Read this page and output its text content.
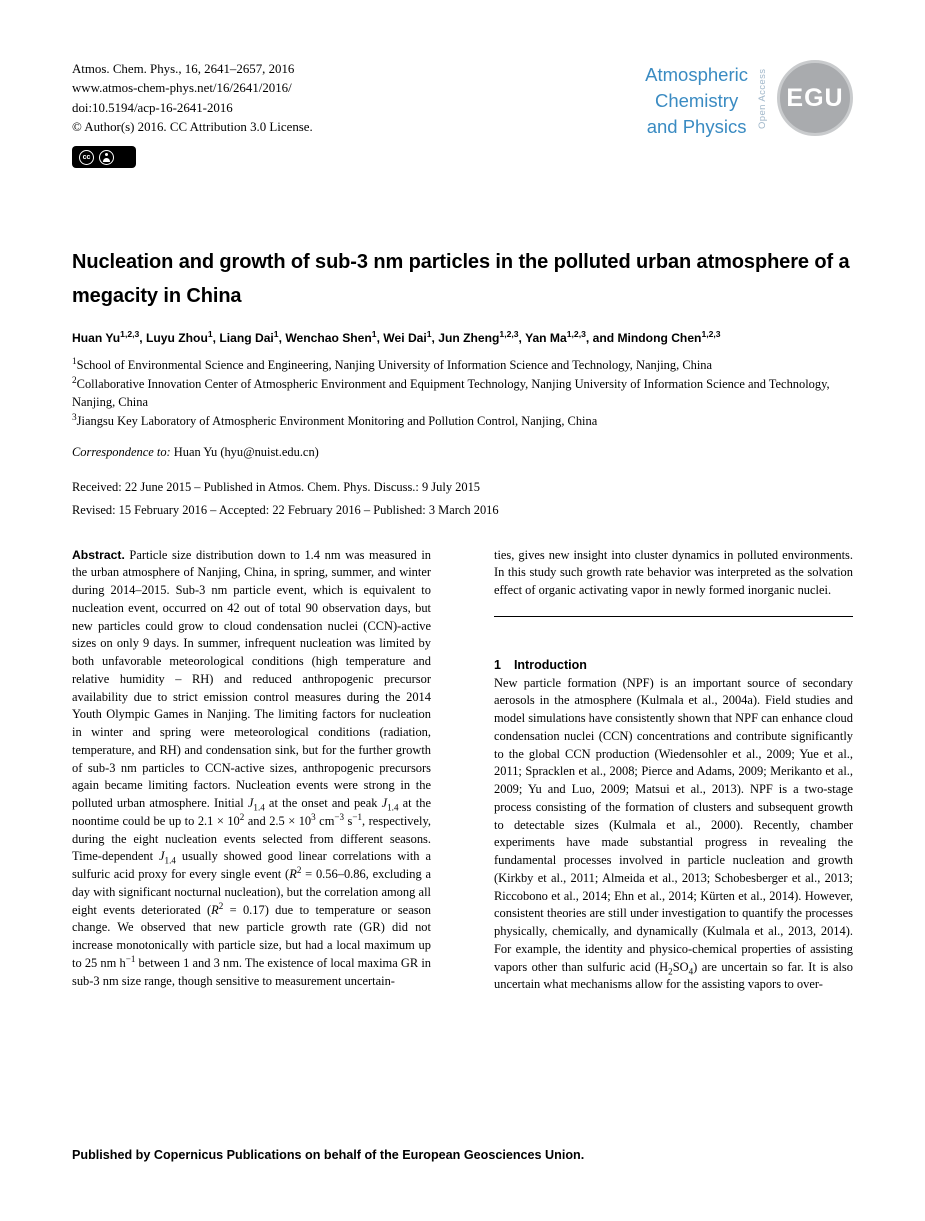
Atmos. Chem. Phys., 16, 2641–2657, 2016
www.atmos-chem-phys.net/16/2641/2016/
doi:10.5194/acp-16-2641-2016
© Author(s) 2016. CC Attribution 3.0 License.
cc
Atmospheric
Chemistry
and Physics Open Access EGU
Nucleation and growth of sub-3 nm particles in the polluted urban atmosphere of a megacity in China
Huan Yu$^{1,2,3}$, Luyu Zhou$^1$, Liang Dai$^1$, Wenchao Shen$^1$, Wei Dai$^1$, Jun Zheng$^{1,2,3}$, Yan Ma$^{1,2,3}$, and Mindong Chen$^{1,2,3}$

$^1$School of Environmental Science and Engineering, Nanjing University of Information Science and Technology, Nanjing, China

$^2$Collaborative Innovation Center of Atmospheric Environment and Equipment Technology, Nanjing University of Information Science and Technology, Nanjing, China

$^3$Jiangsu Key Laboratory of Atmospheric Environment Monitoring and Pollution Control, Nanjing, China

Correspondence to: Huan Yu (hyu@nuist.edu.cn)
Received: 22 June 2015 – Published in Atmos. Chem. Phys. Discuss.: 9 July 2015
Revised: 15 February 2016 – Accepted: 22 February 2016 – Published: 3 March 2016

Abstract. Particle size distribution down to 1.4 nm was measured in the urban atmosphere of Nanjing, China, in spring, summer, and winter during 2014–2015. Sub-3 nm particle event, which is equivalent to nucleation event, occurred on 42 out of total 90 observation days, but new particles could grow to cloud condensation nuclei (CCN)-active sizes on only 9 days. In summer, infrequent nucleation was limited by both unfavorable meteorological conditions (high temperature and relative humidity – RH) and reduced anthropogenic precursor availability due to strict emission control measures during the 2014 Youth Olympic Games in Nanjing. The limiting factors for nucleation in winter and spring were meteorological conditions (radiation, temperature, and RH) and condensation sink, but for the further growth of sub-3 nm particles to CCN-active sizes, anthropogenic precursors again became limiting factors. Nucleation events were strong in the polluted urban atmosphere. Initial $J_{1.4}$ at the onset and peak $J_{1.4}$ at the noontime could be up to $2.1 \times 10^2$ and $2.5 \times 10^3$ $cm^{-3}$ $s^{-1}$, respectively, during the eight nucleation events selected from different seasons. Time-dependent $J_{1.4}$ usually showed good linear correlations with a sulfuric acid proxy for every single event ($R^2 = 0.56-0.86$, excluding a day with significant nocturnal nucleation), but the correlation among all eight events deteriorated $(R^2 = 0.17)$ due to temperature or season change. We observed that new particle growth rate (GR) did not increase monotonically with particle size, but had a local maximum up to 25 nm $h^{-1}$ between 1 and 3 nm. The existence of local maxima GR in sub-3 nm size range, though sensitive to measurement uncertain-

ties, gives new insight into cluster dynamics in polluted environments. In this study such growth rate behavior was interpreted as the solvation effect of organic activating vapor in newly formed inorganic nuclei.

1 Introduction

New particle formation (NPF) is an important source of secondary aerosols in the atmosphere (Kulmala et al., 2004a). Field studies and model simulations have consistently shown that NPF can enhance cloud condensation nuclei (CCN) concentrations and contribute significantly to the global CCN production (Wiedensohler et al., 2009; Yue et al., 2011; Spracklen et al., 2008; Pierce and Adams, 2009; Merikanto et al., 2009; Yu and Luo, 2009; Matsui et al., 2013). NPF is a two-stage process consisting of the formation of clusters and subsequent growth to detectable sizes (Kulmala et al., 2000). Recently, chamber experiments have made substantial progress in revealing the fundamental processes involved in particle nucleation and growth (Kirkby et al., 2011; Almeida et al., 2013; Schobesberger et al., 2013; Riccobono et al., 2014; Ehn et al., 2014; Kürten et al., 2014). However, consistent theories are still under investigation to quantify the processes physically, chemically, and dynamically (Kulmala et al., 2013, 2014). For example, the identity and physico-chemical properties of assisting vapors other than sulfuric acid $(H_2SO_4)$ are uncertain so far. It is also uncertain what mechanisms allow for the assisting vapors to over-

Published by Copernicus Publications on behalf of the European Geosciences Union.
